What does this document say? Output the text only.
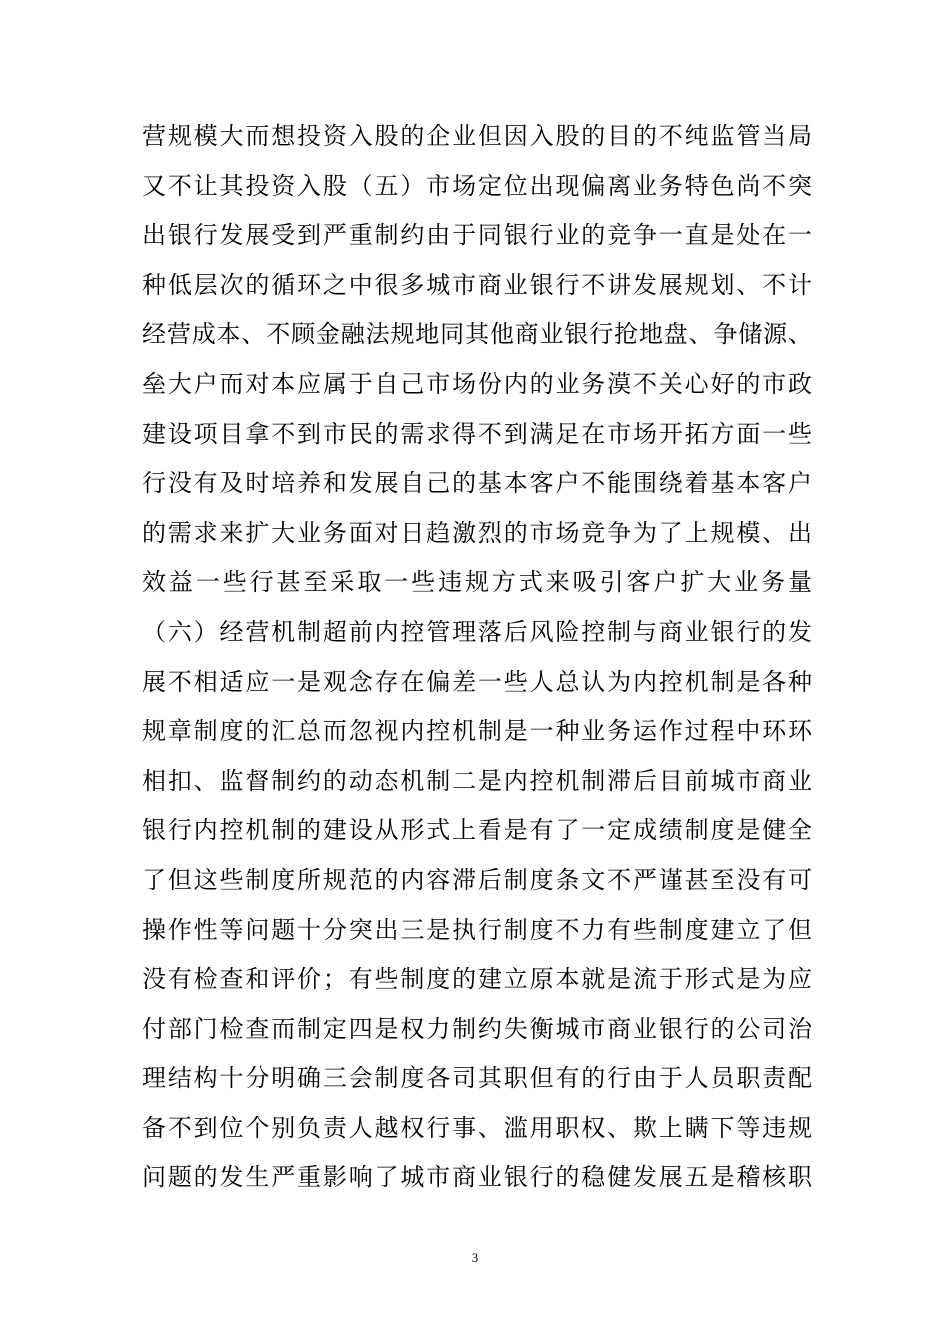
营规模大而想投资入股的企业但因入股的目的不纯监管当局
又不让其投资入股（五）市场定位出现偏离业务特色尚不突
出银行发展受到严重制约由于同银行业的竞争一直是处在一
种低层次的循环之中很多城市商业银行不讲发展规划、不计
经营成本、不顾金融法规地同其他商业银行抢地盘、争储源、
垒大户而对本应属于自己市场份内的业务漠不关心好的市政
建设项目拿不到市民的需求得不到满足在市场开拓方面一些
行没有及时培养和发展自己的基本客户不能围绕着基本客户
的需求来扩大业务面对日趋激烈的市场竞争为了上规模、出
效益一些行甚至采取一些违规方式来吸引客户扩大业务量
（六）经营机制超前内控管理落后风险控制与商业银行的发
展不相适应一是观念存在偏差一些人总认为内控机制是各种
规章制度的汇总而忽视内控机制是一种业务运作过程中环环
相扣、监督制约的动态机制二是内控机制滞后目前城市商业
银行内控机制的建设从形式上看是有了一定成绩制度是健全
了但这些制度所规范的内容滞后制度条文不严谨甚至没有可
操作性等问题十分突出三是执行制度不力有些制度建立了但
没有检查和评价；有些制度的建立原本就是流于形式是为应
付部门检查而制定四是权力制约失衡城市商业银行的公司治
理结构十分明确三会制度各司其职但有的行由于人员职责配
备不到位个别负责人越权行事、滥用职权、欺上瞒下等违规
问题的发生严重影响了城市商业银行的稳健发展五是稽核职
3
